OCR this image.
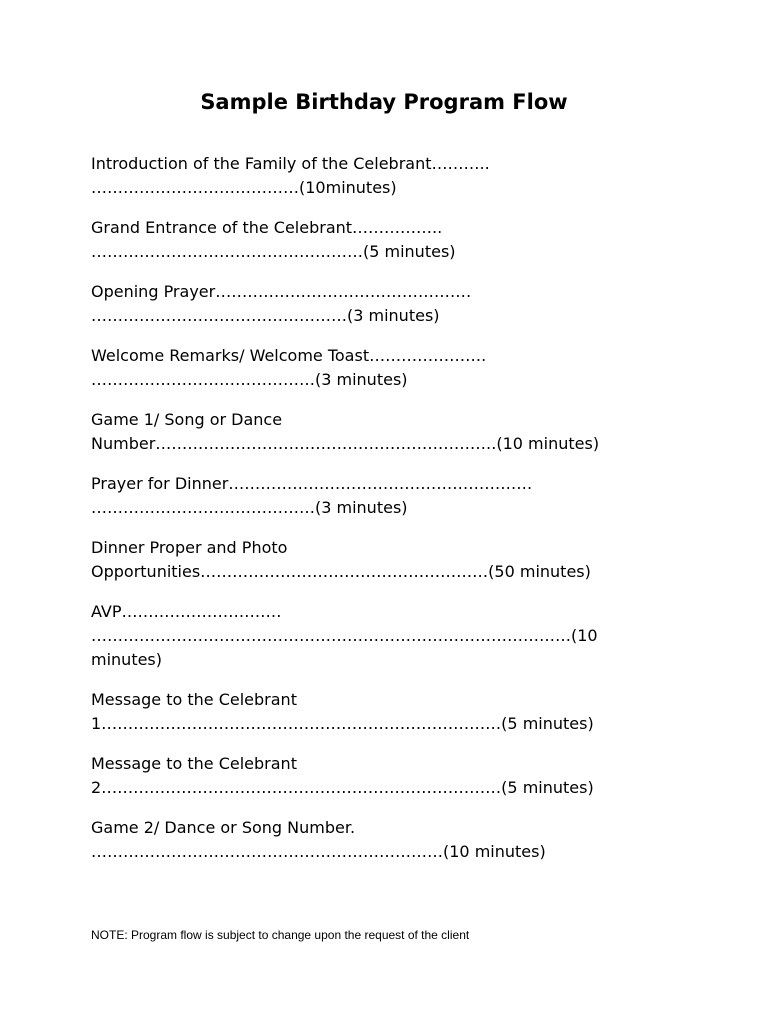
Sample Birthday Program Flow
Introduction of the Family of the Celebrant………..
…………………………………(10minutes)
Grand Entrance of the Celebrant……………..
……………………………………………(5 minutes)
Opening Prayer…………………………………………
…………………………………………(3 minutes)
Welcome Remarks/ Welcome Toast………………….
……………………………………(3 minutes)
Game 1/ Song or Dance
Number……………………………………………………….(10 minutes)
Prayer for Dinner…………………………………………………
……………………………………(3 minutes)
Dinner Proper and Photo
Opportunities………………………………………………(50 minutes)
AVP…………………………
………………………………………………………………………………(10
minutes)
Message to the Celebrant
1…………………………………………………………………(5 minutes)
Message to the Celebrant
2…………………………………………………………………(5 minutes)
Game 2/ Dance or Song Number.
…………………………………………………………(10 minutes)
NOTE: Program flow is subject to change upon the request of the client
